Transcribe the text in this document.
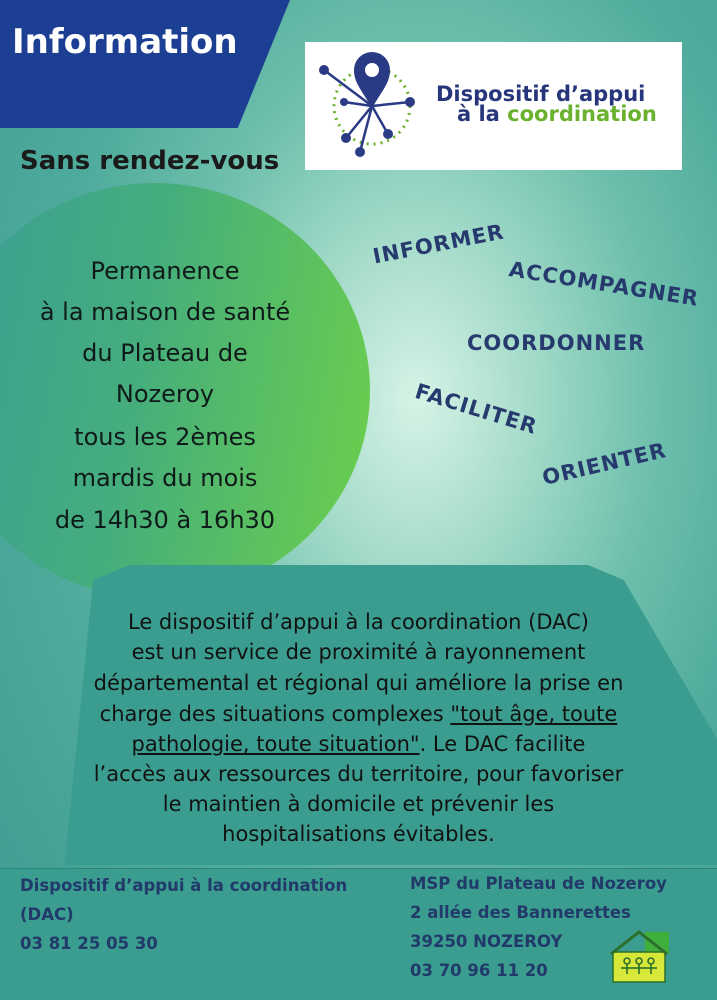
Information
Dispositif d’appui
à la coordination
Sans rendez-vous
Permanence
à la maison de santé
du Plateau de
Nozeroy
tous les 2èmes
mardis du mois
de 14h30 à 16h30
INFORMER
ACCOMPAGNER
COORDONNER
FACILITER
ORIENTER
Le dispositif d’appui à la coordination (DAC)
est un service de proximité à rayonnement
départemental et régional qui améliore la prise en
charge des situations complexes "tout âge, toute
pathologie, toute situation". Le DAC facilite
l’accès aux ressources du territoire, pour favoriser
le maintien à domicile et prévenir les
hospitalisations évitables.
Dispositif d’appui à la coordination
(DAC)
03 81 25 05 30
MSP du Plateau de Nozeroy
2 allée des Bannerettes
39250 NOZEROY
03 70 96 11 20
